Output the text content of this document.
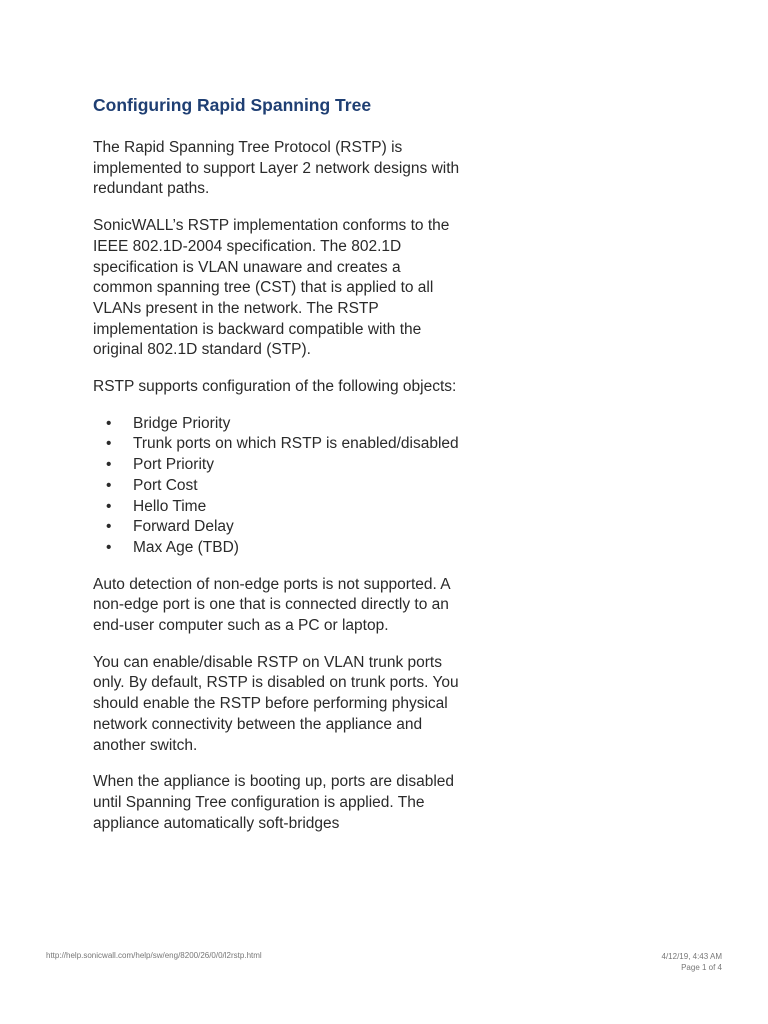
Configuring Rapid Spanning Tree

The Rapid Spanning Tree Protocol (RSTP) is implemented to support Layer 2 network designs with redundant paths.

SonicWALL’s RSTP implementation conforms to the IEEE 802.1D-2004 specification. The 802.1D specification is VLAN unaware and creates a common spanning tree (CST) that is applied to all VLANs present in the network. The RSTP implementation is backward compatible with the original 802.1D standard (STP).

RSTP supports configuration of the following objects:

• Bridge Priority
• Trunk ports on which RSTP is enabled/disabled
• Port Priority
• Port Cost
• Hello Time
• Forward Delay
• Max Age (TBD)

Auto detection of non-edge ports is not supported. A non-edge port is one that is connected directly to an end-user computer such as a PC or laptop.

You can enable/disable RSTP on VLAN trunk ports only. By default, RSTP is disabled on trunk ports. You should enable the RSTP before performing physical network connectivity between the appliance and another switch.

When the appliance is booting up, ports are disabled until Spanning Tree configuration is applied. The appliance automatically soft-bridges

http://help.sonicwall.com/help/sw/eng/8200/26/0/0/l2rstp.html	4/12/19, 4:43 AM
Page 1 of 4
